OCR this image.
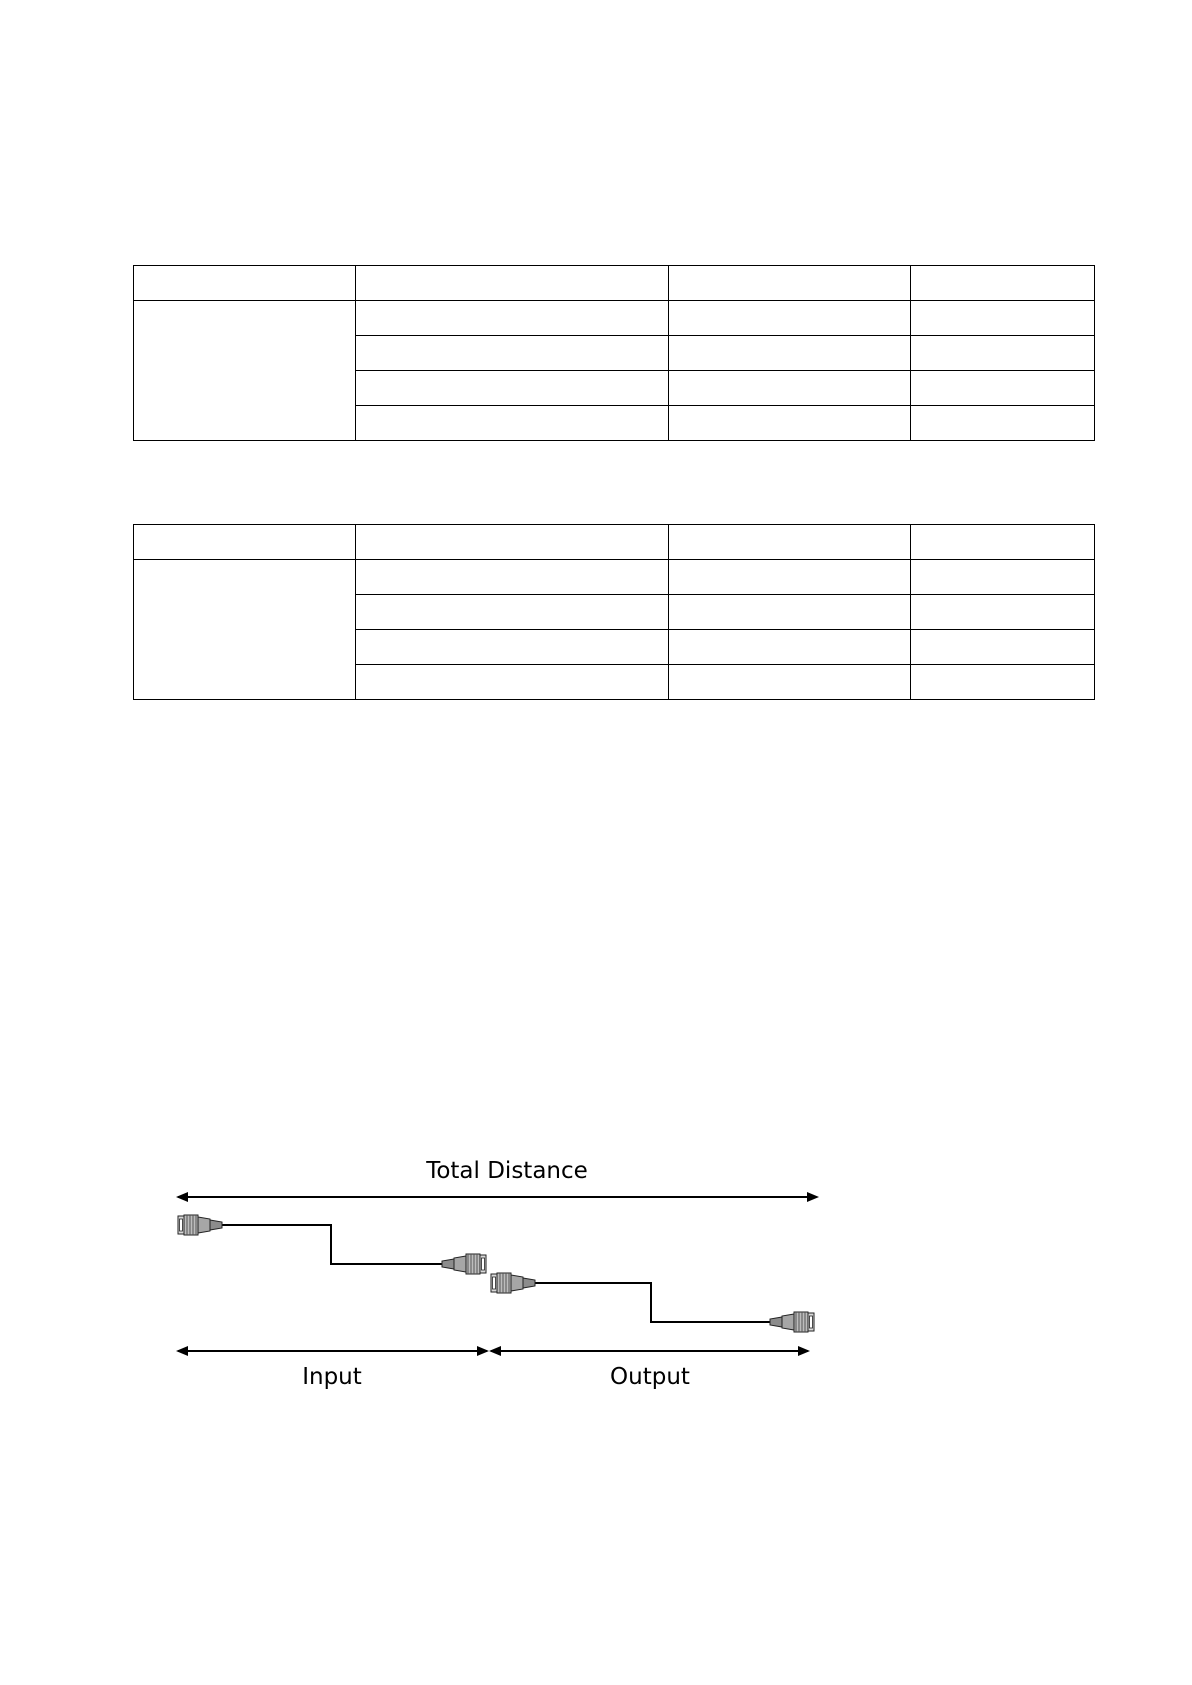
Total Distance
Input	Output
